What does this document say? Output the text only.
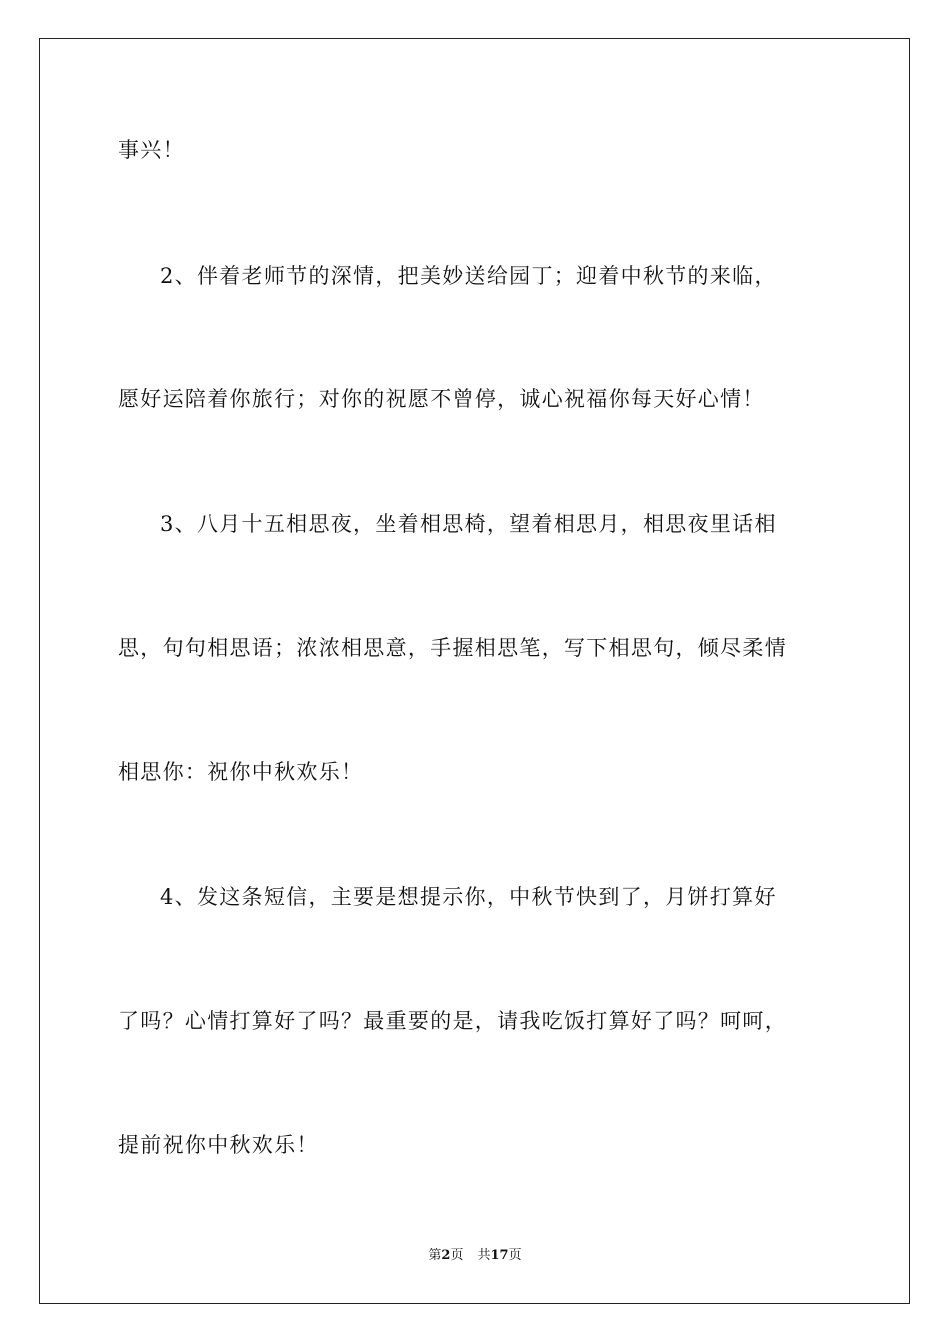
事兴！
2、伴着老师节的深情，把美妙送给园丁；迎着中秋节的来临，
愿好运陪着你旅行；对你的祝愿不曾停，诚心祝福你每天好心情！
3、八月十五相思夜，坐着相思椅，望着相思月，相思夜里话相
思，句句相思语；浓浓相思意，手握相思笔，写下相思句，倾尽柔情
相思你：祝你中秋欢乐！
4、发这条短信，主要是想提示你，中秋节快到了，月饼打算好
了吗？心情打算好了吗？最重要的是，请我吃饭打算好了吗？呵呵，
提前祝你中秋欢乐！
第2页 共17页
